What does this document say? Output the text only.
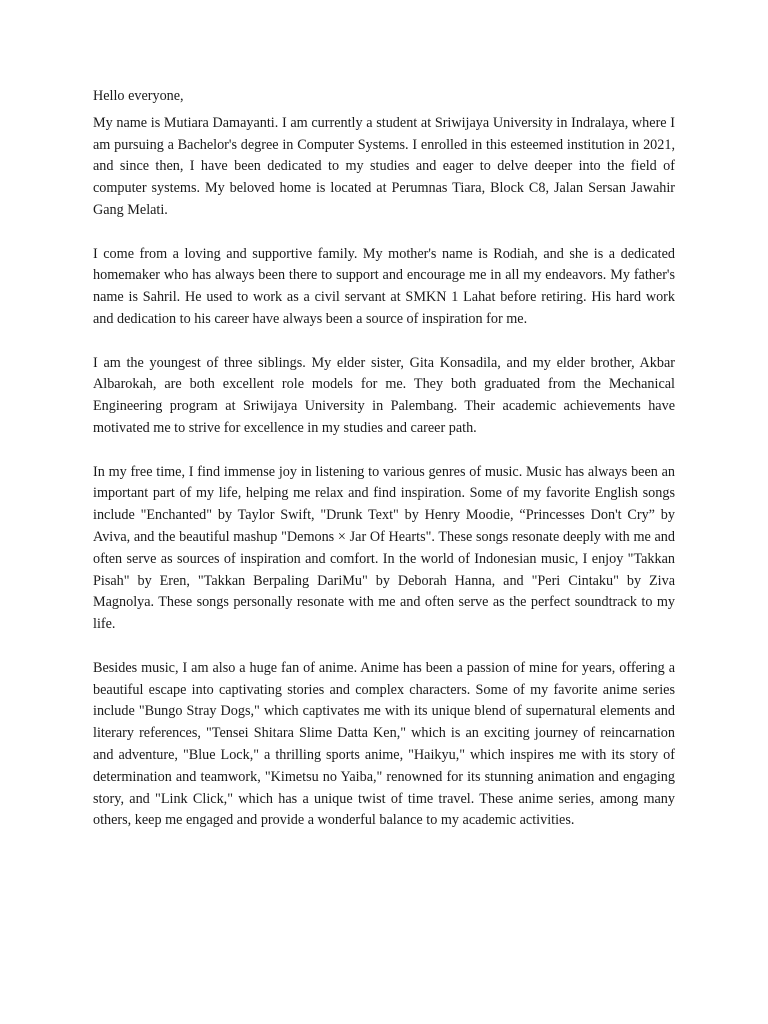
Hello everyone,

My name is Mutiara Damayanti. I am currently a student at Sriwijaya University in Indralaya, where I am pursuing a Bachelor's degree in Computer Systems. I enrolled in this esteemed institution in 2021, and since then, I have been dedicated to my studies and eager to delve deeper into the field of computer systems. My beloved home is located at Perumnas Tiara, Block C8, Jalan Sersan Jawahir Gang Melati.

I come from a loving and supportive family. My mother's name is Rodiah, and she is a dedicated homemaker who has always been there to support and encourage me in all my endeavors. My father's name is Sahril. He used to work as a civil servant at SMKN 1 Lahat before retiring. His hard work and dedication to his career have always been a source of inspiration for me.

I am the youngest of three siblings. My elder sister, Gita Konsadila, and my elder brother, Akbar Albarokah, are both excellent role models for me. They both graduated from the Mechanical Engineering program at Sriwijaya University in Palembang. Their academic achievements have motivated me to strive for excellence in my studies and career path.

In my free time, I find immense joy in listening to various genres of music. Music has always been an important part of my life, helping me relax and find inspiration. Some of my favorite English songs include "Enchanted" by Taylor Swift, "Drunk Text" by Henry Moodie, “Princesses Don't Cry” by Aviva, and the beautiful mashup "Demons × Jar Of Hearts". These songs resonate deeply with me and often serve as sources of inspiration and comfort. In the world of Indonesian music, I enjoy "Takkan Pisah" by Eren, "Takkan Berpaling DariMu" by Deborah Hanna, and "Peri Cintaku" by Ziva Magnolya. These songs personally resonate with me and often serve as the perfect soundtrack to my life.

Besides music, I am also a huge fan of anime. Anime has been a passion of mine for years, offering a beautiful escape into captivating stories and complex characters. Some of my favorite anime series include "Bungo Stray Dogs," which captivates me with its unique blend of supernatural elements and literary references, "Tensei Shitara Slime Datta Ken," which is an exciting journey of reincarnation and adventure, "Blue Lock," a thrilling sports anime, "Haikyu," which inspires me with its story of determination and teamwork, "Kimetsu no Yaiba," renowned for its stunning animation and engaging story, and "Link Click," which has a unique twist of time travel. These anime series, among many others, keep me engaged and provide a wonderful balance to my academic activities.
